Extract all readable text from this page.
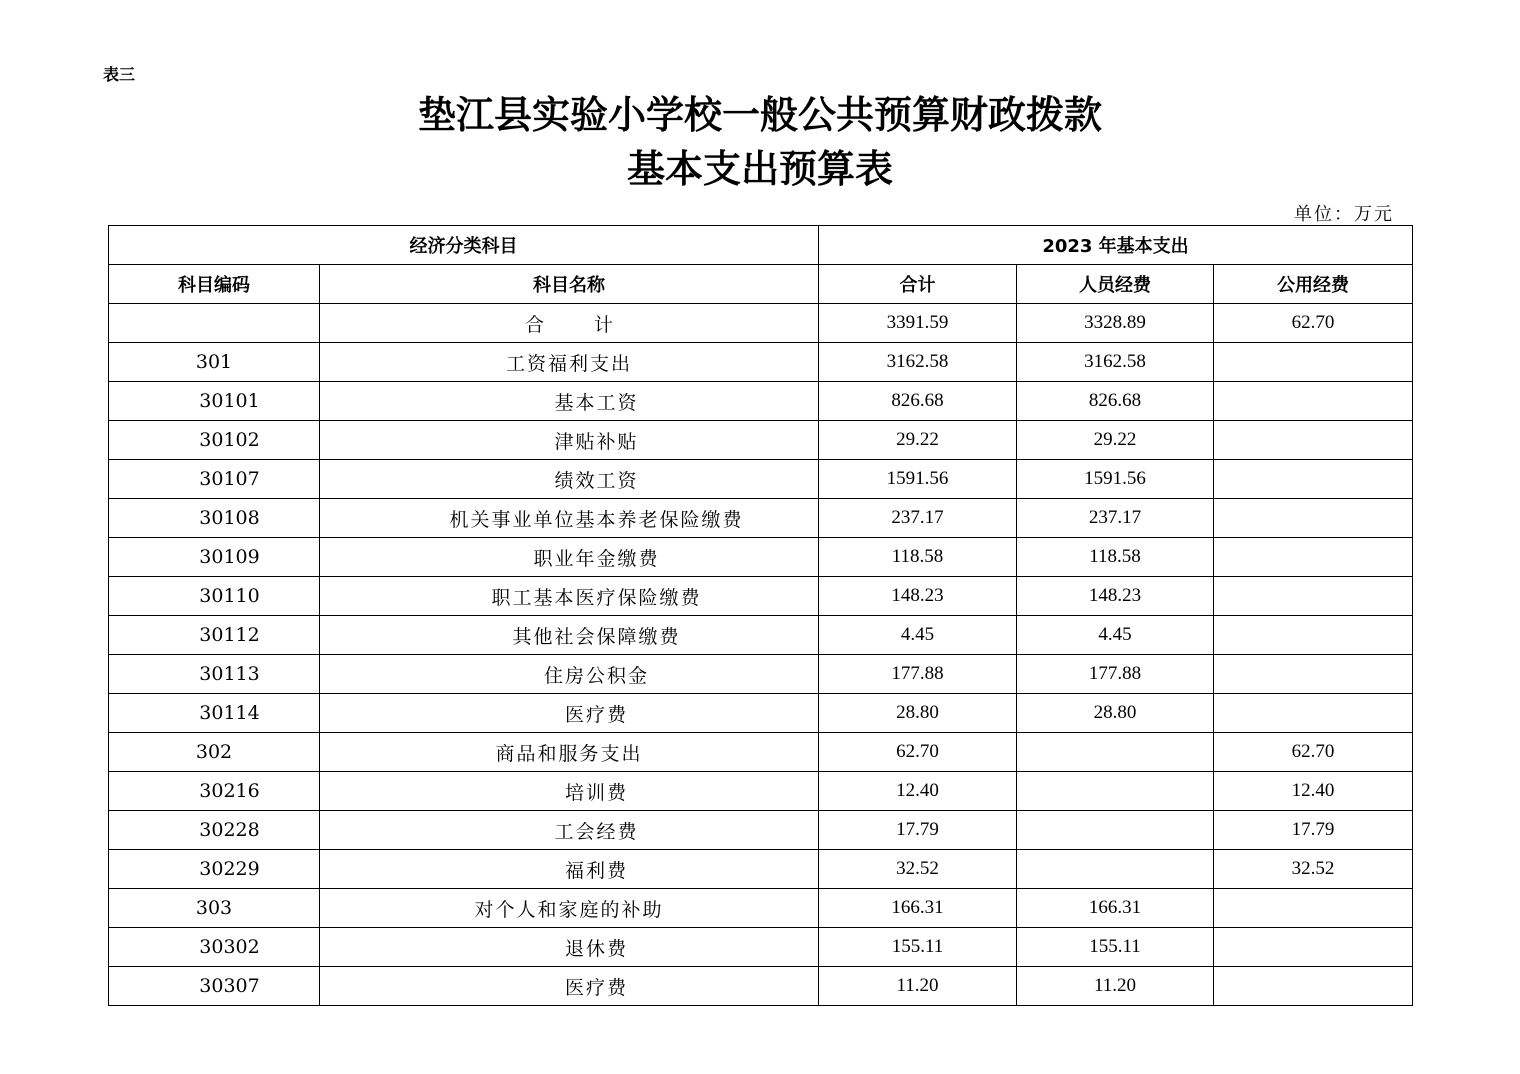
表三
垫江县实验小学校一般公共预算财政拨款
基本支出预算表
单位：万元
经济分类科目		2023 年基本支出		
科目编码	科目名称	合计	人员经费	公用经费
	合 计	3391.59	3328.89	62.70
301	工资福利支出	3162.58	3162.58	
30101	基本工资	826.68	826.68	
30102	津贴补贴	29.22	29.22	
30107	绩效工资	1591.56	1591.56	
30108	机关事业单位基本养老保险缴费	237.17	237.17	
30109	职业年金缴费	118.58	118.58	
30110	职工基本医疗保险缴费	148.23	148.23	
30112	其他社会保障缴费	4.45	4.45	
30113	住房公积金	177.88	177.88	
30114	医疗费	28.80	28.80	
302	商品和服务支出	62.70		62.70
30216	培训费	12.40		12.40
30228	工会经费	17.79		17.79
30229	福利费	32.52		32.52
303	对个人和家庭的补助	166.31	166.31	
30302	退休费	155.11	155.11	
30307	医疗费	11.20	11.20	
